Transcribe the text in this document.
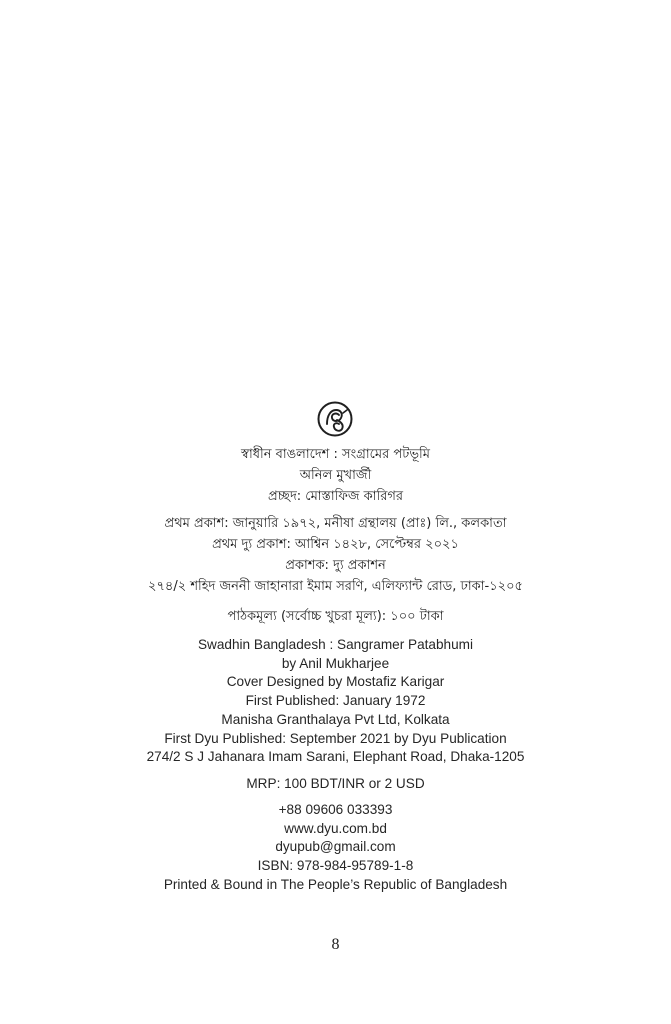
স্বাধীন বাঙলাদেশ : সংগ্রামের পটভূমি
অনিল মুখার্জী
প্রচ্ছদ: মোস্তাফিজ কারিগর
প্রথম প্রকাশ: জানুয়ারি ১৯৭২, মনীষা গ্রন্থালয় (প্রাঃ) লি., কলকাতা
প্রথম দ্যু প্রকাশ: আশ্বিন ১৪২৮, সেপ্টেম্বর ২০২১
প্রকাশক: দ্যু প্রকাশন
২৭৪/২ শহিদ জননী জাহানারা ইমাম সরণি, এলিফ্যান্ট রোড, ঢাকা-১২০৫
পাঠকমূল্য (সর্বোচ্চ খুচরা মূল্য): ১০০ টাকা
Swadhin Bangladesh : Sangramer Patabhumi
by Anil Mukharjee
Cover Designed by Mostafiz Karigar
First Published: January 1972
Manisha Granthalaya Pvt Ltd, Kolkata
First Dyu Published: September 2021 by Dyu Publication
274/2 S J Jahanara Imam Sarani, Elephant Road, Dhaka-1205
MRP: 100 BDT/INR or 2 USD
+88 09606 033393
www.dyu.com.bd
dyupub@gmail.com
ISBN: 978-984-95789-1-8
Printed & Bound in The People’s Republic of Bangladesh
8
